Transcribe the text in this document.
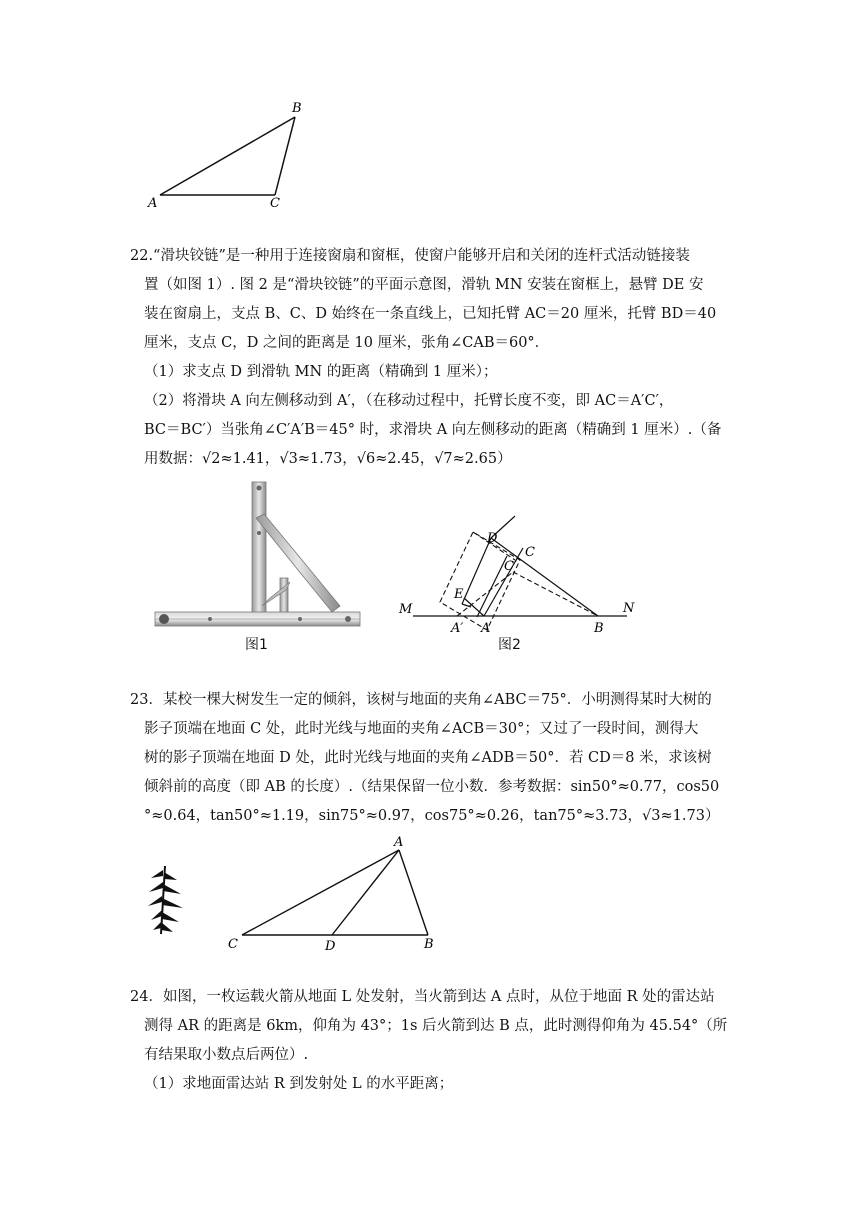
B
A	C

22.“滑块铰链”是一种用于连接窗扇和窗框，使窗户能够开启和关闭的连杆式活动链接装

置（如图 1）. 图 2 是“滑块铰链”的平面示意图，滑轨 MN 安装在窗框上，悬臂 DE 安

装在窗扇上，支点 B、C、D 始终在一条直线上，已知托臂 AC＝20 厘米，托臂 BD＝40

厘米，支点 C，D 之间的距离是 10 厘米，张角∠CAB＝60°．

（1）求支点 D 到滑轨 MN 的距离（精确到 1 厘米）；

（2）将滑块 A 向左侧移动到 A′，（在移动过程中，托臂长度不变，即 AC＝A′C′，

BC＝BC′）当张角∠C′A′B＝45° 时，求滑块 A 向左侧移动的距离（精确到 1 厘米）.（备

用数据：√2≈1.41，√3≈1.73，√6≈2.45，√7≈2.65）

图1
D
C
C′
E
M	N
A′ A	B
图2

23．某校一棵大树发生一定的倾斜，该树与地面的夹角∠ABC＝75°．小明测得某时大树的

影子顶端在地面 C 处，此时光线与地面的夹角∠ACB＝30°；又过了一段时间，测得大

树的影子顶端在地面 D 处，此时光线与地面的夹角∠ADB＝50°．若 CD＝8 米，求该树

倾斜前的高度（即 AB 的长度）.（结果保留一位小数．参考数据：sin50°≈0.77，cos50

°≈0.64，tan50°≈1.19，sin75°≈0.97，cos75°≈0.26，tan75°≈3.73，√3≈1.73）

A
C	D	B

24．如图，一枚运载火箭从地面 L 处发射，当火箭到达 A 点时，从位于地面 R 处的雷达站

测得 AR 的距离是 6km，仰角为 43°；1s 后火箭到达 B 点，此时测得仰角为 45.54°（所

有结果取小数点后两位）.

（1）求地面雷达站 R 到发射处 L 的水平距离；
